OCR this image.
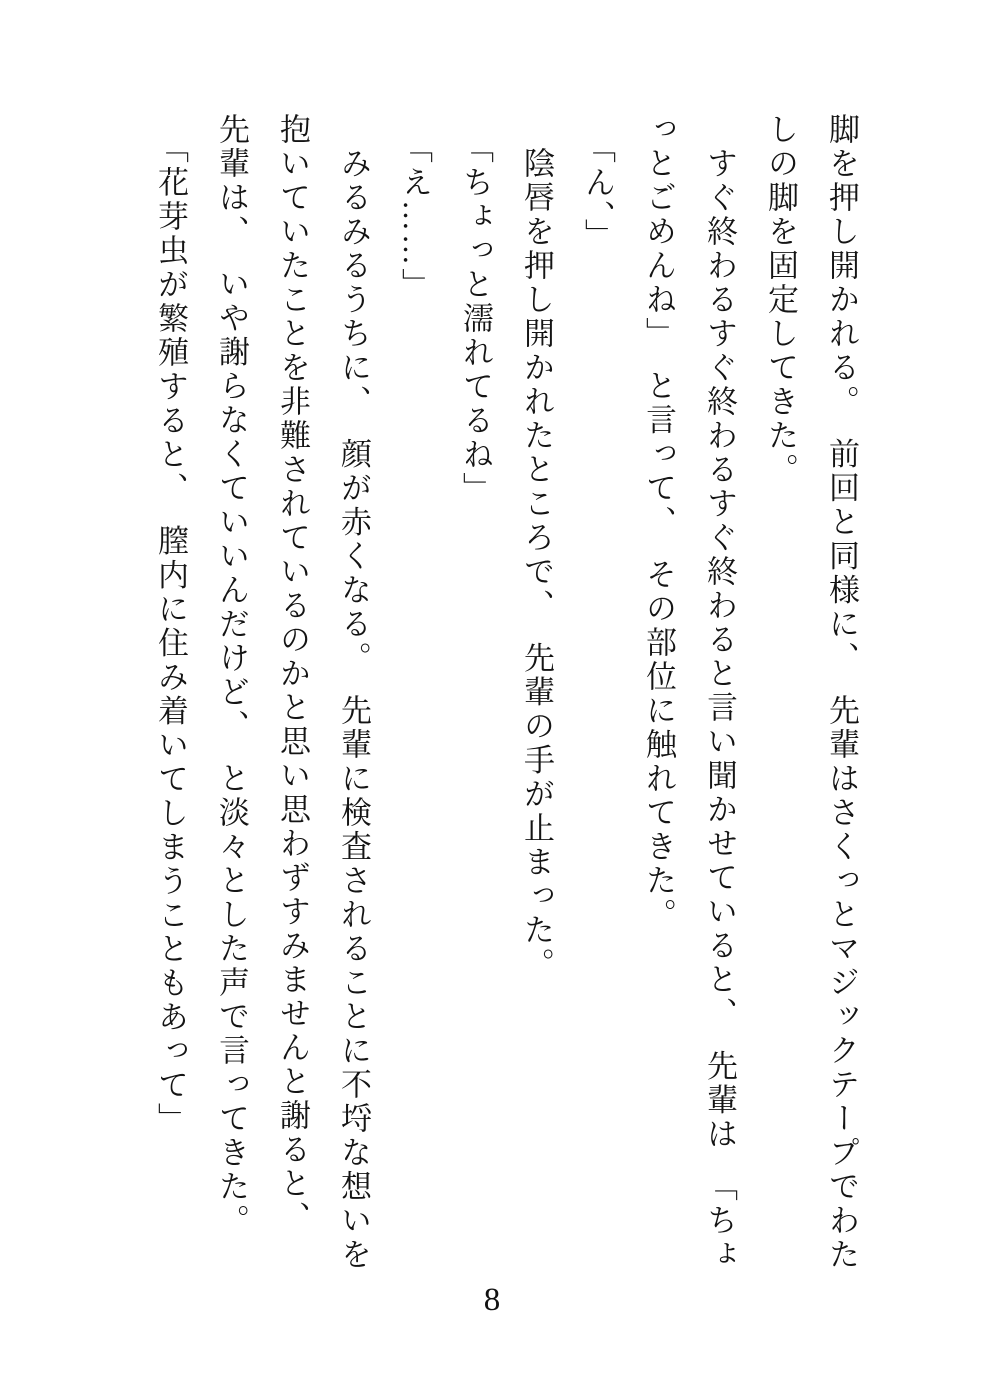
脚を押し開かれる。　前回と同様に、　先輩はさくっとマジックテープでわた
しの脚を固定してきた。
すぐ終わるすぐ終わるすぐ終わると言い聞かせていると、　先輩は　「ちょ
っとごめんね」　と言って、　その部位に触れてきた。
「ん、」
陰唇を押し開かれたところで、　先輩の手が止まった。
「ちょっと濡れてるね」
「え……」
みるみるうちに、　顔が赤くなる。　先輩に検査されることに不埒な想いを
抱いていたことを非難されているのかと思い思わずすみませんと謝ると、
先輩は、　いや謝らなくていいんだけど、　と淡々とした声で言ってきた。
「花芽虫が繁殖すると、　膣内に住み着いてしまうこともあって」
8
